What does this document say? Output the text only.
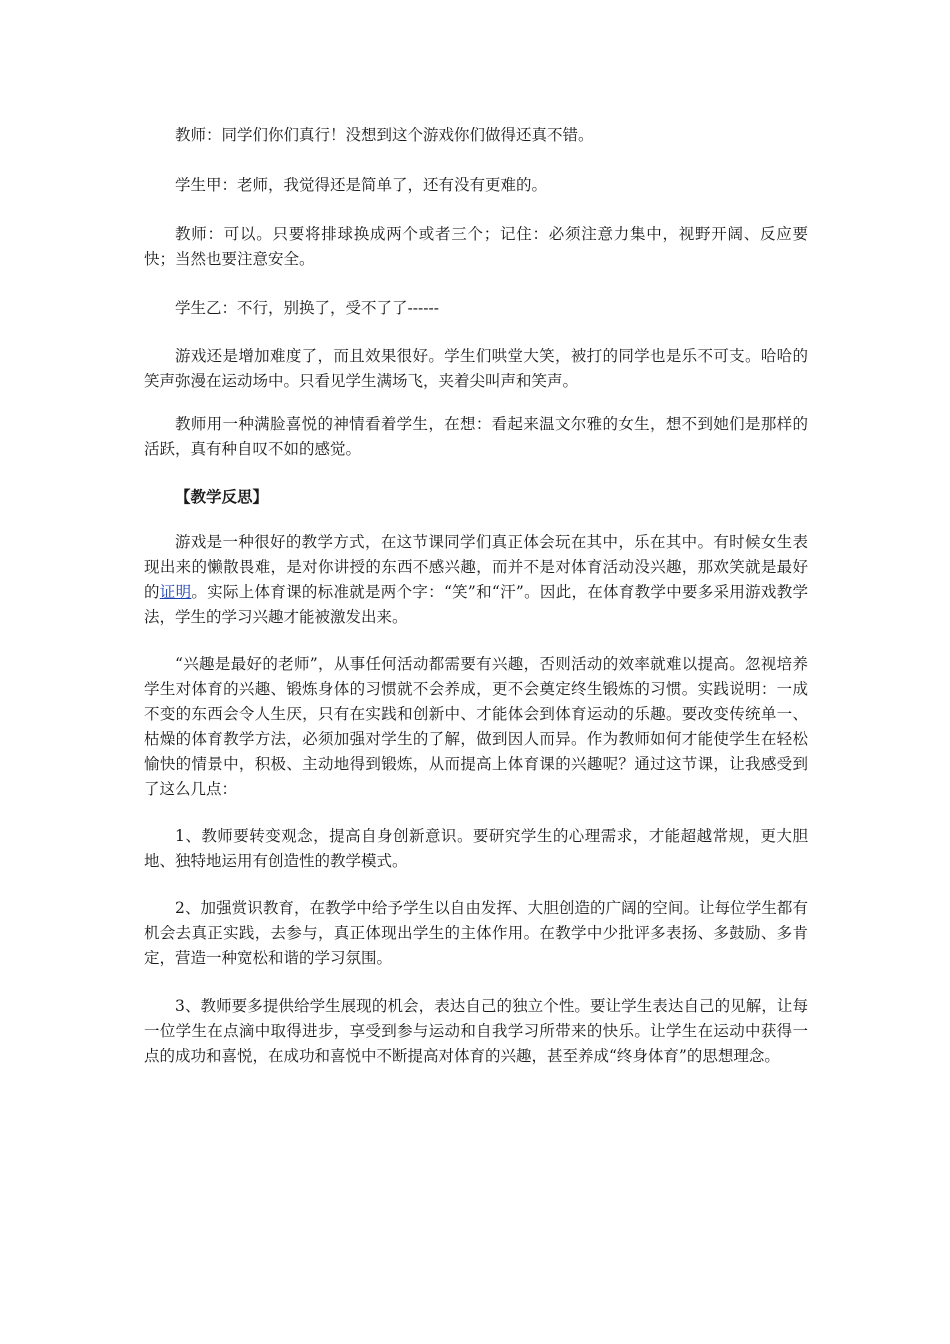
教师：同学们你们真行！没想到这个游戏你们做得还真不错。

学生甲：老师，我觉得还是简单了，还有没有更难的。

教师：可以。只要将排球换成两个或者三个；记住：必须注意力集中，视野开阔、反应要快；当然也要注意安全。

学生乙：不行，别换了，受不了了------

游戏还是增加难度了，而且效果很好。学生们哄堂大笑，被打的同学也是乐不可支。哈哈的笑声弥漫在运动场中。只看见学生满场飞，夹着尖叫声和笑声。

教师用一种满脸喜悦的神情看着学生，在想：看起来温文尔雅的女生，想不到她们是那样的活跃，真有种自叹不如的感觉。

【教学反思】

游戏是一种很好的教学方式，在这节课同学们真正体会玩在其中，乐在其中。有时候女生表现出来的懒散畏难，是对你讲授的东西不感兴趣，而并不是对体育活动没兴趣，那欢笑就是最好的证明。实际上体育课的标准就是两个字：“笑”和“汗”。因此，在体育教学中要多采用游戏教学法，学生的学习兴趣才能被激发出来。

“兴趣是最好的老师”，从事任何活动都需要有兴趣，否则活动的效率就难以提高。忽视培养学生对体育的兴趣、锻炼身体的习惯就不会养成，更不会奠定终生锻炼的习惯。实践说明：一成不变的东西会令人生厌，只有在实践和创新中、才能体会到体育运动的乐趣。要改变传统单一、枯燥的体育教学方法，必须加强对学生的了解，做到因人而异。作为教师如何才能使学生在轻松愉快的情景中，积极、主动地得到锻炼，从而提高上体育课的兴趣呢？通过这节课，让我感受到了这么几点：

1、教师要转变观念，提高自身创新意识。要研究学生的心理需求，才能超越常规，更大胆地、独特地运用有创造性的教学模式。

2、加强赏识教育，在教学中给予学生以自由发挥、大胆创造的广阔的空间。让每位学生都有机会去真正实践，去参与，真正体现出学生的主体作用。在教学中少批评多表扬、多鼓励、多肯定，营造一种宽松和谐的学习氛围。

3、教师要多提供给学生展现的机会，表达自己的独立个性。要让学生表达自己的见解，让每一位学生在点滴中取得进步，享受到参与运动和自我学习所带来的快乐。让学生在运动中获得一点的成功和喜悦，在成功和喜悦中不断提高对体育的兴趣，甚至养成“终身体育”的思想理念。
